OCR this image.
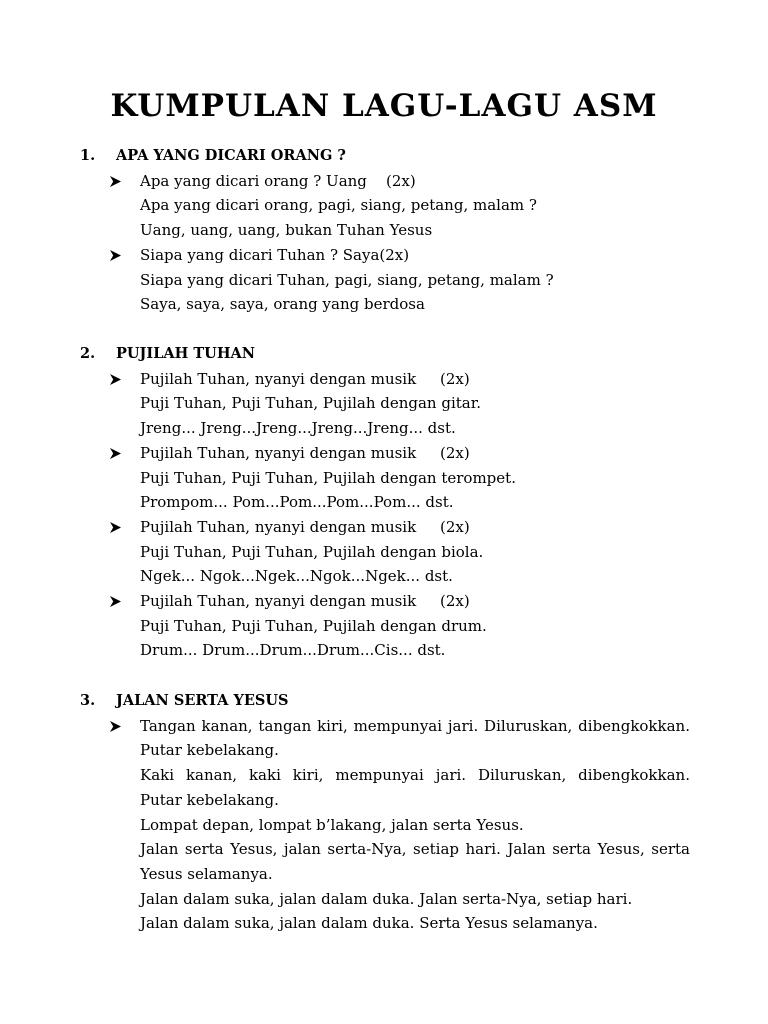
KUMPULAN LAGU-LAGU ASM
1.	APA YANG DICARI ORANG ?
Apa yang dicari orang ? Uang    (2x)
Apa yang dicari orang, pagi, siang, petang, malam ?
Uang, uang, uang, bukan Tuhan Yesus
Siapa yang dicari Tuhan ? Saya(2x)
Siapa yang dicari Tuhan, pagi, siang, petang, malam ?
Saya, saya, saya, orang yang berdosa
2.	PUJILAH TUHAN
Pujilah Tuhan, nyanyi dengan musik     (2x)
Puji Tuhan, Puji Tuhan, Pujilah dengan gitar.
Jreng... Jreng...Jreng...Jreng...Jreng... dst.
Pujilah Tuhan, nyanyi dengan musik     (2x)
Puji Tuhan, Puji Tuhan, Pujilah dengan terompet.
Prompom... Pom...Pom...Pom...Pom... dst.
Pujilah Tuhan, nyanyi dengan musik     (2x)
Puji Tuhan, Puji Tuhan, Pujilah dengan biola.
Ngek... Ngok...Ngek...Ngok...Ngek... dst.
Pujilah Tuhan, nyanyi dengan musik     (2x)
Puji Tuhan, Puji Tuhan, Pujilah dengan drum.
Drum... Drum...Drum...Drum...Cis... dst.
3.	JALAN SERTA YESUS
Tangan kanan, tangan kiri, mempunyai jari. Diluruskan, dibengkokkan.
Putar kebelakang.
Kaki kanan, kaki kiri, mempunyai jari. Diluruskan, dibengkokkan.
Putar kebelakang.
Lompat depan, lompat b’lakang, jalan serta Yesus.
Jalan serta Yesus, jalan serta-Nya, setiap hari. Jalan serta Yesus, serta
Yesus selamanya.
Jalan dalam suka, jalan dalam duka. Jalan serta-Nya, setiap hari.
Jalan dalam suka, jalan dalam duka. Serta Yesus selamanya.
